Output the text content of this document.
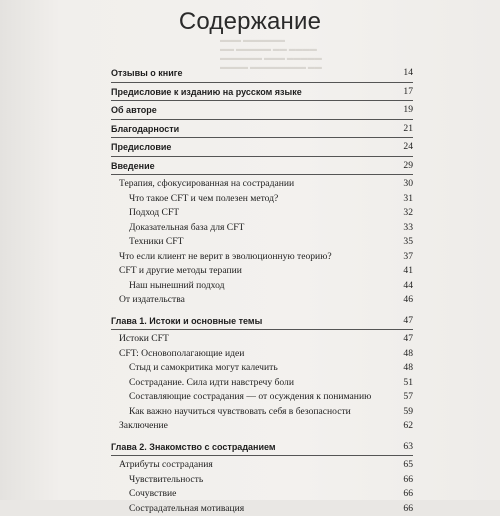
▬▬▬ ▬▬▬▬▬▬
▬▬ ▬▬▬▬▬ ▬▬ ▬▬▬▬
▬▬▬▬▬▬ ▬▬▬ ▬▬▬▬▬
▬▬▬▬ ▬▬▬▬▬▬▬▬ ▬▬
Содержание
Отзывы о книге	14
Предисловие к изданию на русском языке	17
Об авторе	19
Благодарности	21
Предисловие	24
Введение	29
Терапия, сфокусированная на сострадании	30
Что такое CFT и чем полезен метод?	31
Подход CFT	32
Доказательная база для CFT	33
Техники CFT	35
Что если клиент не верит в эволюционную теорию?	37
CFT и другие методы терапии	41
Наш нынешний подход	44
От издательства	46
Глава 1. Истоки и основные темы	47
Истоки CFT	47
CFT: Основополагающие идеи	48
Стыд и самокритика могут калечить	48
Сострадание. Сила идти навстречу боли	51
Составляющие сострадания — от осуждения к пониманию	57
Как важно научиться чувствовать себя в безопасности	59
Заключение	62
Глава 2. Знакомство с состраданием	63
Атрибуты сострадания	65
Чувствительность	66
Сочувствие	66
Сострадательная мотивация	66
